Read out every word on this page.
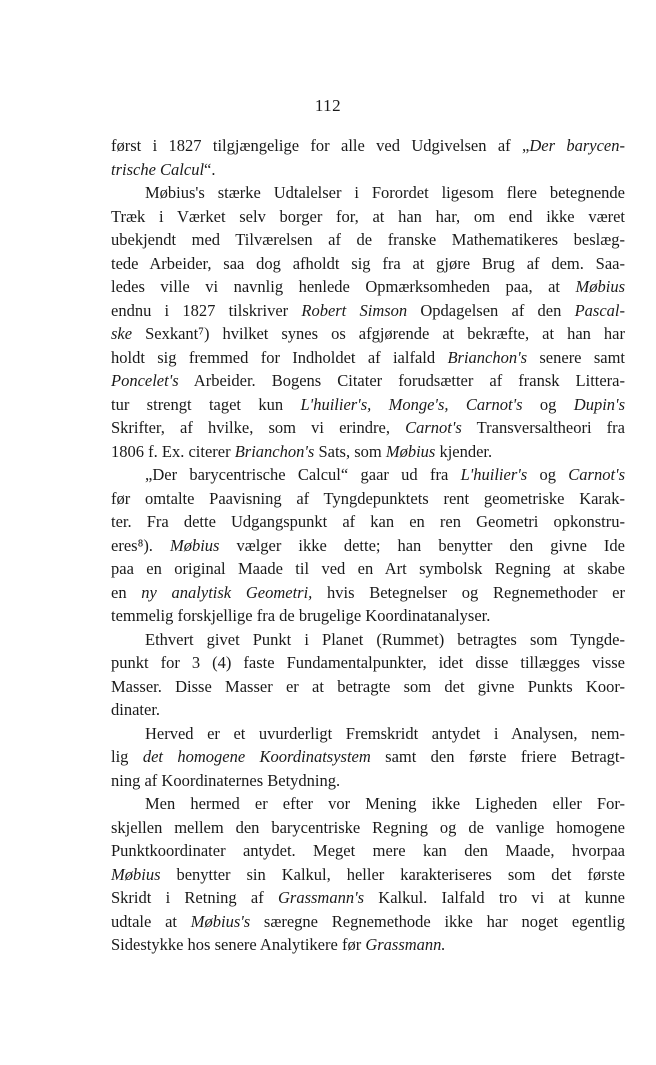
112
først i 1827 tilgjængelige for alle ved Udgivelsen af „Der barycen-
trische Calcul“.
Møbius's stærke Udtalelser i Forordet ligesom flere betegnende
Træk i Værket selv borger for, at han har, om end ikke været
ubekjendt med Tilværelsen af de franske Mathematikeres beslæg-
tede Arbeider, saa dog afholdt sig fra at gjøre Brug af dem. Saa-
ledes ville vi navnlig henlede Opmærksomheden paa, at Møbius
endnu i 1827 tilskriver Robert Simson Opdagelsen af den Pascal-
ske Sexkant⁷) hvilket synes os afgjørende at bekræfte, at han har
holdt sig fremmed for Indholdet af ialfald Brianchon's senere samt
Poncelet's Arbeider. Bogens Citater forudsætter af fransk Littera-
tur strengt taget kun L'huilier's, Monge's, Carnot's og Dupin's
Skrifter, af hvilke, som vi erindre, Carnot's Transversaltheori fra
1806 f. Ex. citerer Brianchon's Sats, som Møbius kjender.
„Der barycentrische Calcul“ gaar ud fra L'huilier's og Carnot's
før omtalte Paavisning af Tyngdepunktets rent geometriske Karak-
ter. Fra dette Udgangspunkt af kan en ren Geometri opkonstru-
eres⁸). Møbius vælger ikke dette; han benytter den givne Ide
paa en original Maade til ved en Art symbolsk Regning at skabe
en ny analytisk Geometri, hvis Betegnelser og Regnemethoder er
temmelig forskjellige fra de brugelige Koordinatanalyser.
Ethvert givet Punkt i Planet (Rummet) betragtes som Tyngde-
punkt for 3 (4) faste Fundamentalpunkter, idet disse tillægges visse
Masser. Disse Masser er at betragte som det givne Punkts Koor-
dinater.
Herved er et uvurderligt Fremskridt antydet i Analysen, nem-
lig det homogene Koordinatsystem samt den første friere Betragt-
ning af Koordinaternes Betydning.
Men hermed er efter vor Mening ikke Ligheden eller For-
skjellen mellem den barycentriske Regning og de vanlige homogene
Punktkoordinater antydet. Meget mere kan den Maade, hvorpaa
Møbius benytter sin Kalkul, heller karakteriseres som det første
Skridt i Retning af Grassmann's Kalkul. Ialfald tro vi at kunne
udtale at Møbius's særegne Regnemethode ikke har noget egentlig
Sidestykke hos senere Analytikere før Grassmann.
